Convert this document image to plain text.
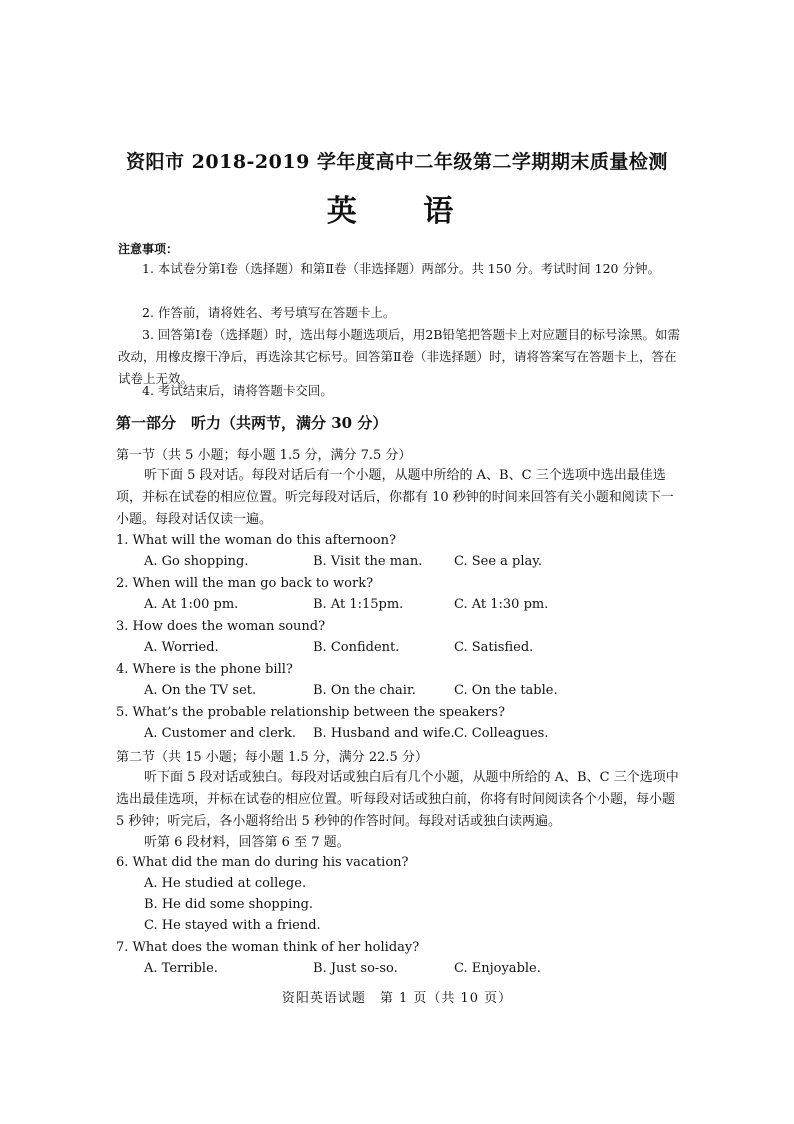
资阳市 2018-2019 学年度高中二年级第二学期期末质量检测
英 语
注意事项：
1. 本试卷分第Ⅰ卷（选择题）和第Ⅱ卷（非选择题）两部分。共 150 分。考试时间 120 分钟。
2. 作答前，请将姓名、考号填写在答题卡上。
3. 回答第Ⅰ卷（选择题）时，选出每小题选项后，用2B铅笔把答题卡上对应题目的标号涂黑。如需改动，用橡皮擦干净后，再选涂其它标号。回答第Ⅱ卷（非选择题）时，请将答案写在答题卡上，答在试卷上无效。
4. 考试结束后，请将答题卡交回。
第一部分　听力（共两节，满分 30 分）
第一节（共 5 小题；每小题 1.5 分，满分 7.5 分）
听下面 5 段对话。每段对话后有一个小题，从题中所给的 A、B、C 三个选项中选出最佳选项，并标在试卷的相应位置。听完每段对话后，你都有 10 秒钟的时间来回答有关小题和阅读下一小题。每段对话仅读一遍。
1. What will the woman do this afternoon?
A. Go shopping.	B. Visit the man. C. See a play.
2. When will the man go back to work?
A. At 1:00 pm.	B. At 1:15pm.	C. At 1:30 pm.
3. How does the woman sound?
A. Worried.	B. Confident.	C. Satisfied.
4. Where is the phone bill?
A. On the TV set.	B. On the chair.	C. On the table.
5. What’s the probable relationship between the speakers?
A. Customer and clerk. B. Husband and wife. C. Colleagues.
第二节（共 15 小题；每小题 1.5 分，满分 22.5 分）
听下面 5 段对话或独白。每段对话或独白后有几个小题，从题中所给的 A、B、C 三个选项中选出最佳选项，并标在试卷的相应位置。听每段对话或独白前，你将有时间阅读各个小题，每小题 5 秒钟；听完后，各小题将给出 5 秒钟的作答时间。每段对话或独白读两遍。
听第 6 段材料，回答第 6 至 7 题。
6. What did the man do during his vacation?
A. He studied at college.
B. He did some shopping.
C. He stayed with a friend.
7. What does the woman think of her holiday?
A. Terrible.	B. Just so-so.	C. Enjoyable.
资阳英语试题　第 1 页（共 10 页）
